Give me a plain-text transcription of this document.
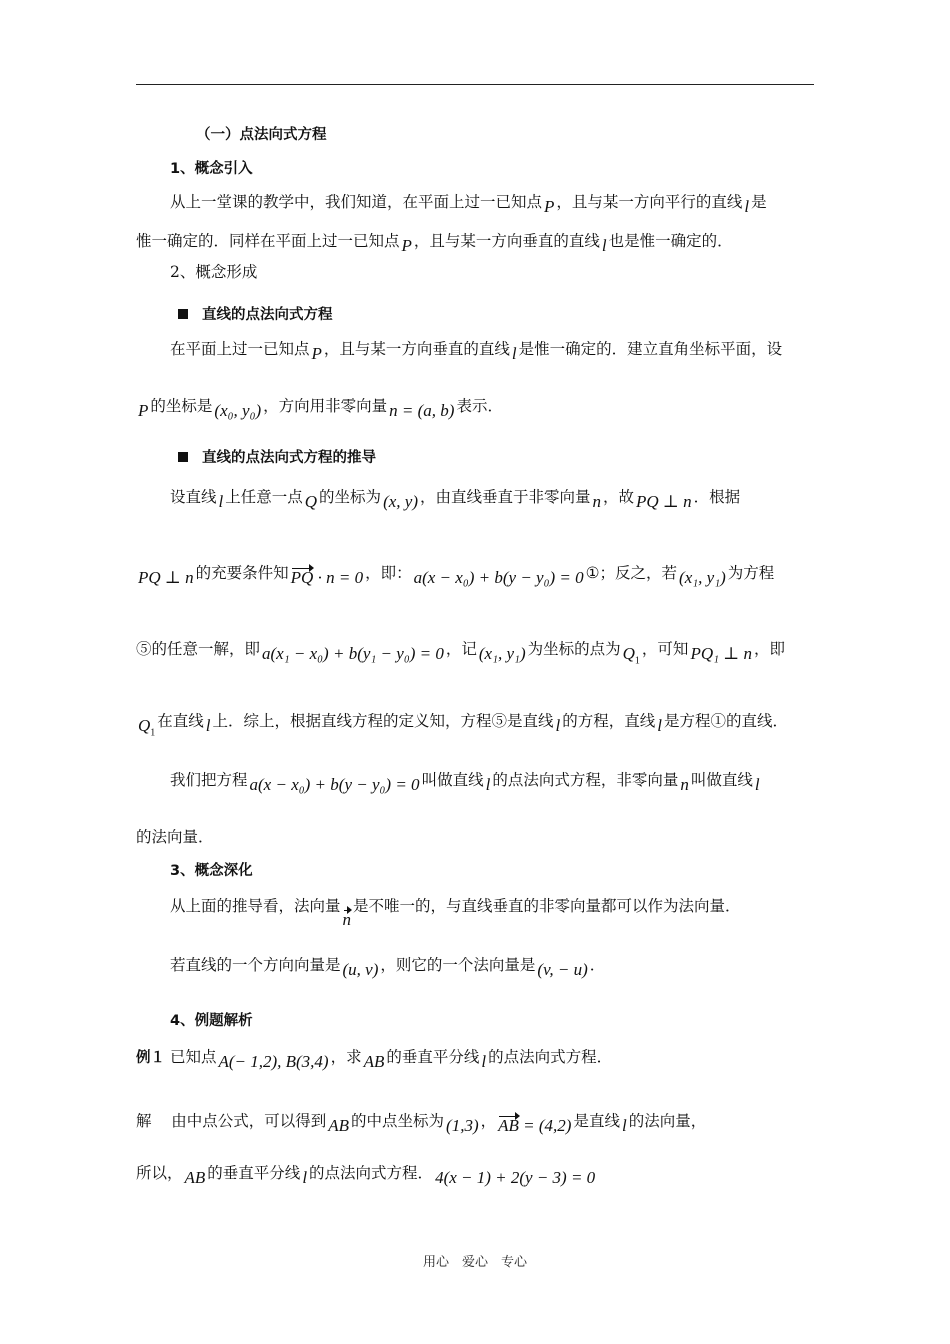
（一）点法向式方程
1、概念引入
从上一堂课的教学中，我们知道，在平面上过一已知点 P ，且与某一方向平行的直线 l 是
惟一确定的．同样在平面上过一已知点 P ，且与某一方向垂直的直线 l 也是惟一确定的．
2、概念形成
直线的点法向式方程
在平面上过一已知点 P ，且与某一方向垂直的直线 l 是惟一确定的．建立直角坐标平面，设
P 的坐标是 (x₀, y₀) ，方向用非零向量 n = (a, b) 表示．
直线的点法向式方程的推导
设直线 l 上任意一点 Q 的坐标为 (x, y) ，由直线垂直于非零向量 n ，故 PQ ⊥ n ．根据
PQ ⊥ n 的充要条件知 PQ · n = 0 ，即： a(x − x₀) + b(y − y₀) = 0 ①；反之，若 (x₁, y₁) 为方程
⑤的任意一解，即 a(x₁ − x₀) + b(y₁ − y₀) = 0 ，记 (x₁, y₁) 为坐标的点为 $Q_1$，可知 PQ₁ ⊥ n ，即
$Q_1$在直线 l 上．综上，根据直线方程的定义知，方程⑤是直线 l 的方程，直线 l 是方程①的直线．
我们把方程 a(x − x₀) + b(y − y₀) = 0 叫做直线 l 的点法向式方程，非零向量 n 叫做直线 l
的法向量．
3、概念深化
从上面的推导看，法向量n是不唯一的，与直线垂直的非零向量都可以作为法向量．
若直线的一个方向向量是 (u, v) ，则它的一个法向量是 (v, − u) ．
4、例题解析
例１ 已知点 A(− 1,2), B(3,4) ，求 AB 的垂直平分线 l 的点法向式方程．
解 由中点公式，可以得到 AB 的中点坐标为 (1,3) ， AB = (4,2) 是直线 l 的法向量，
所以， AB 的垂直平分线 l 的点法向式方程． 4(x − 1) + 2(y − 3) = 0
用心　爱心　专心
